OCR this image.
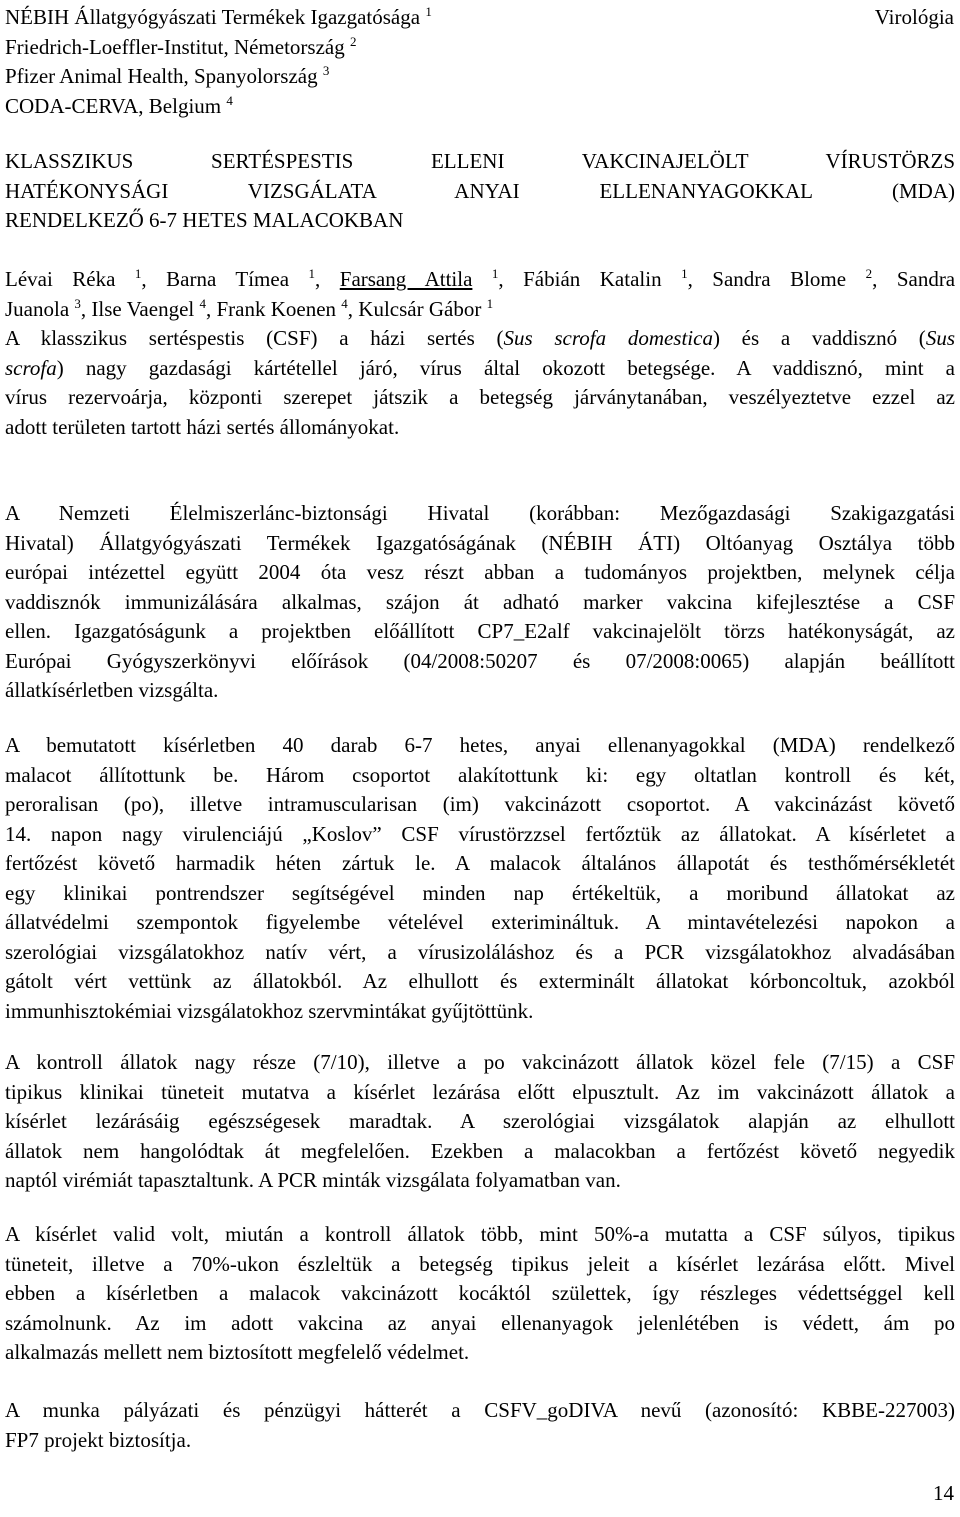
NÉBIH Állatgyógyászati Termékek Igazgatósága $^1$
Friedrich-Loeffler-Institut, Németország $^2$
Pfizer Animal Health, Spanyolország $^3$
CODA-CERVA, Belgium $^4$
Virológia
KLASSZIKUS SERTÉSPESTIS ELLENI VAKCINAJELÖLT VÍRUSTÖRZS
HATÉKONYSÁGI VIZSGÁLATA ANYAI ELLENANYAGOKKAL (MDA)
RENDELKEZŐ 6-7 HETES MALACOKBAN
Lévai Réka $^1$, Barna Tímea $^1$, Farsang Attila $^1$, Fábián Katalin $^1$, Sandra Blome $^2$, Sandra
Juanola $^3$, Ilse Vaengel $^4$, Frank Koenen $^4$, Kulcsár Gábor $^1$
A klasszikus sertéspestis (CSF) a házi sertés (Sus scrofa domestica) és a vaddisznó (Sus
scrofa) nagy gazdasági kártétellel járó, vírus által okozott betegsége. A vaddisznó, mint a
vírus rezervoárja, központi szerepet játszik a betegség járványtanában, veszélyeztetve ezzel az
adott területen tartott házi sertés állományokat.
A Nemzeti Élelmiszerlánc-biztonsági Hivatal (korábban: Mezőgazdasági Szakigazgatási
Hivatal) Állatgyógyászati Termékek Igazgatóságának (NÉBIH ÁTI) Oltóanyag Osztálya több
európai intézettel együtt 2004 óta vesz részt abban a tudományos projektben, melynek célja
vaddisznók immunizálására alkalmas, szájon át adható marker vakcina kifejlesztése a CSF
ellen. Igazgatóságunk a projektben előállított CP7_E2alf vakcinajelölt törzs hatékonyságát, az
Európai Gyógyszerkönyvi előírások (04/2008:50207 és 07/2008:0065) alapján beállított
állatkísérletben vizsgálta.
A bemutatott kísérletben 40 darab 6-7 hetes, anyai ellenanyagokkal (MDA) rendelkező
malacot állítottunk be. Három csoportot alakítottunk ki: egy oltatlan kontroll és két,
peroralisan (po), illetve intramuscularisan (im) vakcinázott csoportot. A vakcinázást követő
14. napon nagy virulenciájú „Koslov” CSF vírustörzzsel fertőztük az állatokat. A kísérletet a
fertőzést követő harmadik héten zártuk le. A malacok általános állapotát és testhőmérsékletét
egy klinikai pontrendszer segítségével minden nap értékeltük, a moribund állatokat az
állatvédelmi szempontok figyelembe vételével exterimináltuk. A mintavételezési napokon a
szerológiai vizsgálatokhoz natív vért, a vírusizoláláshoz és a PCR vizsgálatokhoz alvadásában
gátolt vért vettünk az állatokból. Az elhullott és exterminált állatokat kórboncoltuk, azokból
immunhisztokémiai vizsgálatokhoz szervmintákat gyűjtöttünk.
A kontroll állatok nagy része (7/10), illetve a po vakcinázott állatok közel fele (7/15) a CSF
tipikus klinikai tüneteit mutatva a kísérlet lezárása előtt elpusztult. Az im vakcinázott állatok a
kísérlet lezárásáig egészségesek maradtak. A szerológiai vizsgálatok alapján az elhullott
állatok nem hangolódtak át megfelelően. Ezekben a malacokban a fertőzést követő negyedik
naptól virémiát tapasztaltunk. A PCR minták vizsgálata folyamatban van.
A kísérlet valid volt, miután a kontroll állatok több, mint 50%-a mutatta a CSF súlyos, tipikus
tüneteit, illetve a 70%-ukon észleltük a betegség tipikus jeleit a kísérlet lezárása előtt. Mivel
ebben a kísérletben a malacok vakcinázott kocáktól születtek, így részleges védettséggel kell
számolnunk. Az im adott vakcina az anyai ellenanyagok jelenlétében is védett, ám po
alkalmazás mellett nem biztosított megfelelő védelmet.
A munka pályázati és pénzügyi hátterét a CSFV_goDIVA nevű (azonosító: KBBE-227003)
FP7 projekt biztosítja.
14
